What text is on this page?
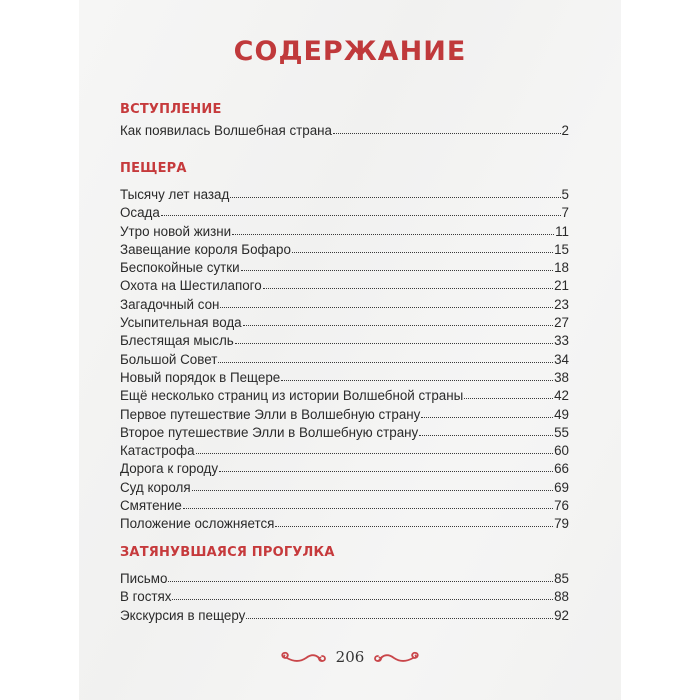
СОДЕРЖАНИЕ
ВСТУПЛЕНИЕ
Как появилась Волшебная страна	2
ПЕЩЕРА
Тысячу лет назад	5
Осада	7
Утро новой жизни	11
Завещание короля Бофаро	15
Беспокойные сутки	18
Охота на Шестилапого	21
Загадочный сон	23
Усыпительная вода	27
Блестящая мысль	33
Большой Совет	34
Новый порядок в Пещере	38
Ещё несколько страниц из истории Волшебной страны	42
Первое путешествие Элли в Волшебную страну	49
Второе путешествие Элли в Волшебную страну	55
Катастрофа	60
Дорога к городу	66
Суд короля	69
Смятение	76
Положение осложняется	79
ЗАТЯНУВШАЯСЯ ПРОГУЛКА
Письмо	85
В гостях	88
Экскурсия в пещеру	92
206
